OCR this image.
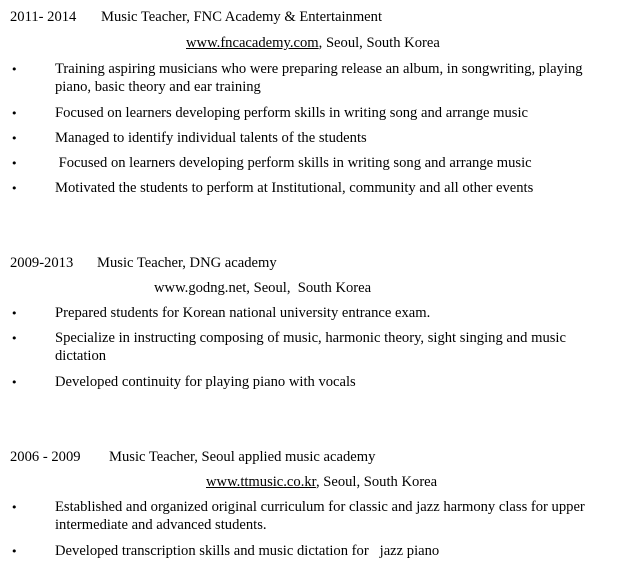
2011- 2014 Music Teacher, FNC Academy & Entertainment
www.fncacademy.com, Seoul, South Korea
•	Training aspiring musicians who were preparing release an album, in songwriting, playing piano, basic theory and ear training
•	Focused on learners developing perform skills in writing song and arrange music
•	Managed to identify individual talents of the students
•	Focused on learners developing perform skills in writing song and arrange music
•	Motivated the students to perform at Institutional, community and all other events
2009-2013 Music Teacher, DNG academy
www.godng.net, Seoul,  South Korea
•	Prepared students for Korean national university entrance exam.
•	Specialize in instructing composing of music, harmonic theory, sight singing and music dictation
•	Developed continuity for playing piano with vocals
2006 - 2009 Music Teacher, Seoul applied music academy
www.ttmusic.co.kr, Seoul, South Korea
•	Established and organized original curriculum for classic and jazz harmony class for upper intermediate and advanced students.
•	Developed transcription skills and music dictation for   jazz piano
